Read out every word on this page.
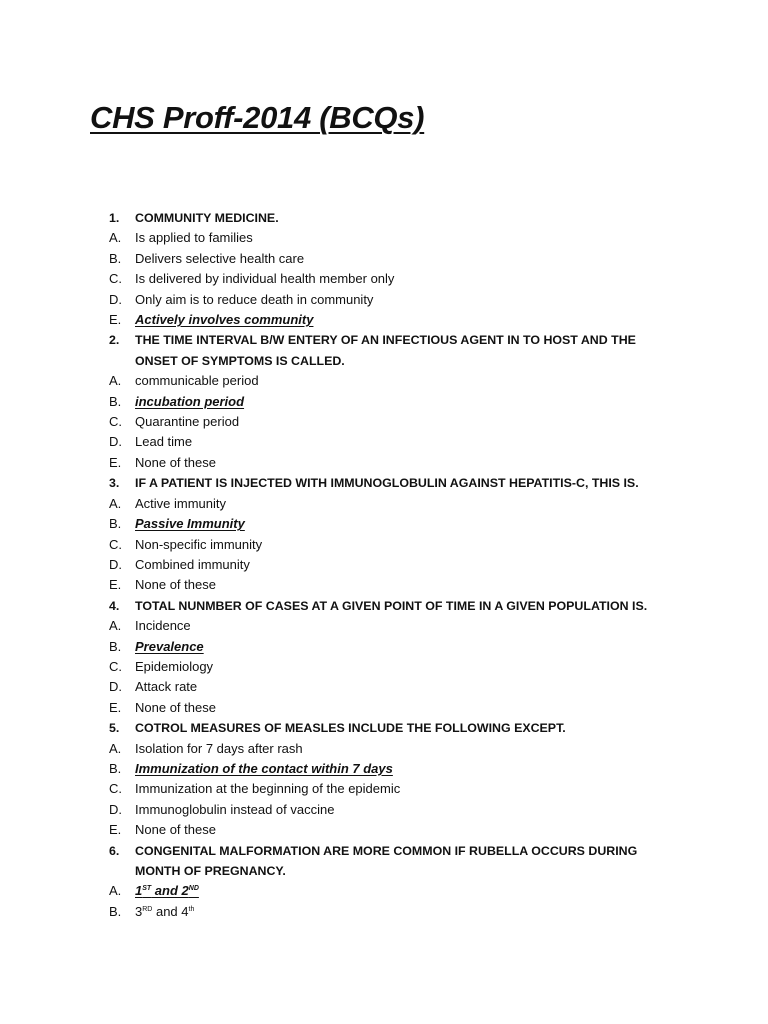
CHS Proff-2014 (BCQs)
1. COMMUNITY MEDICINE.
A. Is applied to families
B. Delivers selective health care
C. Is delivered by individual health member only
D. Only aim is to reduce death in community
E. Actively involves community
2. THE TIME INTERVAL B/W ENTERY OF AN INFECTIOUS AGENT IN TO HOST AND THE ONSET OF SYMPTOMS IS CALLED.
A. communicable period
B. incubation period
C. Quarantine period
D. Lead time
E. None of these
3. IF A PATIENT IS INJECTED WITH IMMUNOGLOBULIN AGAINST HEPATITIS-C, THIS IS.
A. Active immunity
B. Passive Immunity
C. Non-specific immunity
D. Combined immunity
E. None of these
4. TOTAL NUNMBER OF CASES AT A GIVEN POINT OF TIME IN A GIVEN POPULATION IS.
A. Incidence
B. Prevalence
C. Epidemiology
D. Attack rate
E. None of these
5. COTROL MEASURES OF MEASLES INCLUDE THE FOLLOWING EXCEPT.
A. Isolation for 7 days after rash
B. Immunization of the contact within 7 days
C. Immunization at the beginning of the epidemic
D. Immunoglobulin instead of vaccine
E. None of these
6. CONGENITAL MALFORMATION ARE MORE COMMON IF RUBELLA OCCURS DURING MONTH OF PREGNANCY.
A. 1ST and 2ND
B. 3RD and 4th
